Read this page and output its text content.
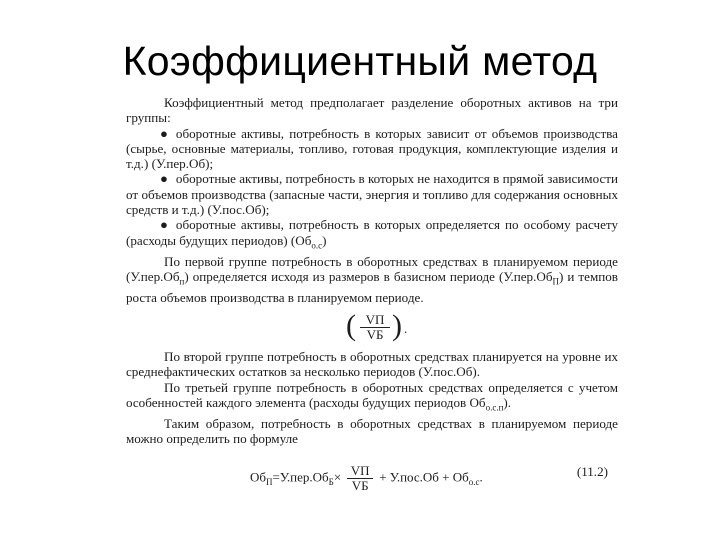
Коэффициентный метод

Коэффициентный метод предполагает разделение оборотных активов на три группы:

● оборотные активы, потребность в которых зависит от объемов производства (сырье, основные материалы, топливо, готовая продукция, комплектующие изделия и т.д.) (У.пер.Об);

● оборотные активы, потребность в которых не находится в прямой зависимости от объемов производства (запасные части, энергия и топливо для содержания основных средств и т.д.) (У.пос.Об);

● оборотные активы, потребность в которых определяется по особому расчету (расходы будущих периодов) $(Об_{о.с})$

По первой группе потребность в оборотных средствах в планируемом периоде $(У.пер.Об_п)$ определяется исходя из размеров в базисном периоде $(У.пер.Об_П)$ и темпов роста объемов производства в планируемом периоде.

( VП
VБ ) .

По второй группе потребность в оборотных средствах планируется на уровне их среднефактических остатков за несколько периодов (У.пос.Об).

По третьей группе потребность в оборотных средствах определяется с учетом особенностей каждого элемента (расходы будущих периодов $Об_{о.с.п}$).

Таким образом, потребность в оборотных средствах в планируемом периоде можно определить по формуле

$Об_П=У.пер.Об_Б\times \frac{VП}{VБ} + У.пос.Об + Об_{о.с}$.	(11.2)
